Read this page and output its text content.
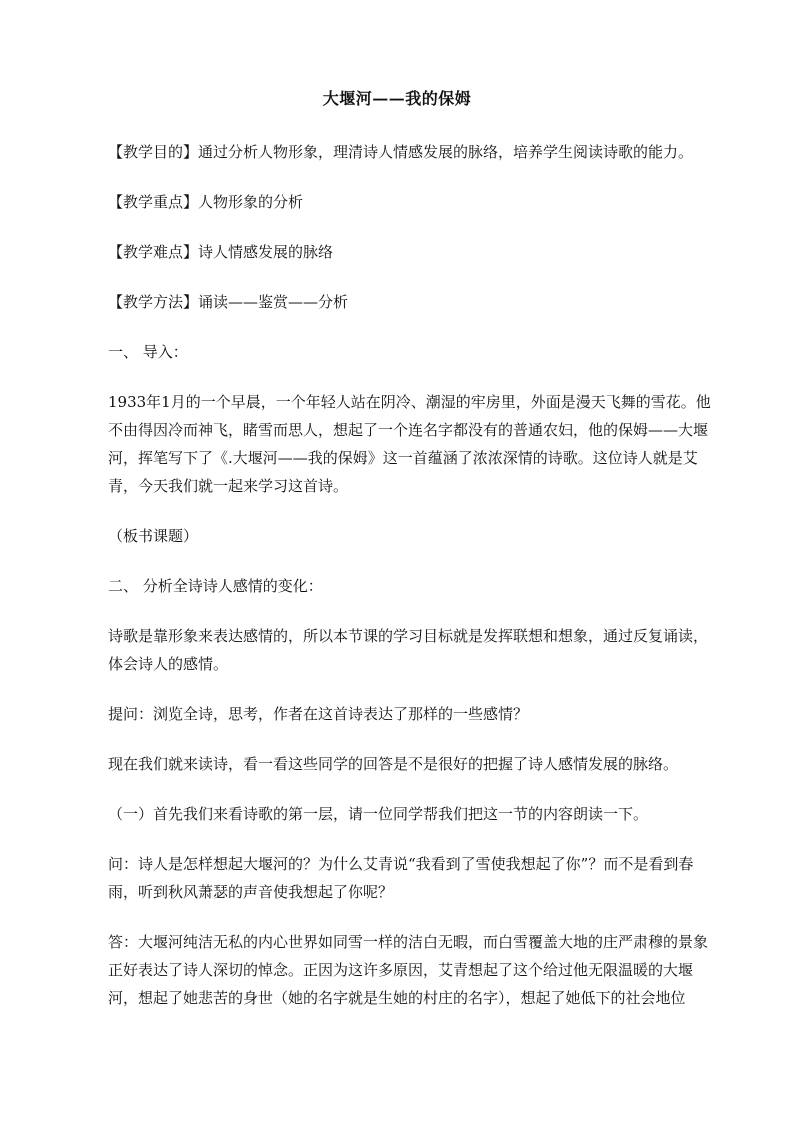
大堰河——我的保姆

【教学目的】通过分析人物形象，理清诗人情感发展的脉络，培养学生阅读诗歌的能力。

【教学重点】人物形象的分析

【教学难点】诗人情感发展的脉络

【教学方法】诵读——鉴赏——分析

一、 导入：

1933年1月的一个早晨，一个年轻人站在阴冷、潮湿的牢房里，外面是漫天飞舞的雪花。他不由得因冷而神飞，睹雪而思人，想起了一个连名字都没有的普通农妇，他的保姆——大堰河，挥笔写下了《.大堰河——我的保姆》这一首蕴涵了浓浓深情的诗歌。这位诗人就是艾青，今天我们就一起来学习这首诗。

（板书课题）

二、 分析全诗诗人感情的变化：

诗歌是靠形象来表达感情的，所以本节课的学习目标就是发挥联想和想象，通过反复诵读，体会诗人的感情。

提问：浏览全诗，思考，作者在这首诗表达了那样的一些感情？

现在我们就来读诗，看一看这些同学的回答是不是很好的把握了诗人感情发展的脉络。

（一）首先我们来看诗歌的第一层，请一位同学帮我们把这一节的内容朗读一下。

问：诗人是怎样想起大堰河的？为什么艾青说“我看到了雪使我想起了你”？而不是看到春雨，听到秋风萧瑟的声音使我想起了你呢？

答：大堰河纯洁无私的内心世界如同雪一样的洁白无暇，而白雪覆盖大地的庄严肃穆的景象正好表达了诗人深切的悼念。正因为这许多原因，艾青想起了这个给过他无限温暖的大堰河，想起了她悲苦的身世（她的名字就是生她的村庄的名字），想起了她低下的社会地位
